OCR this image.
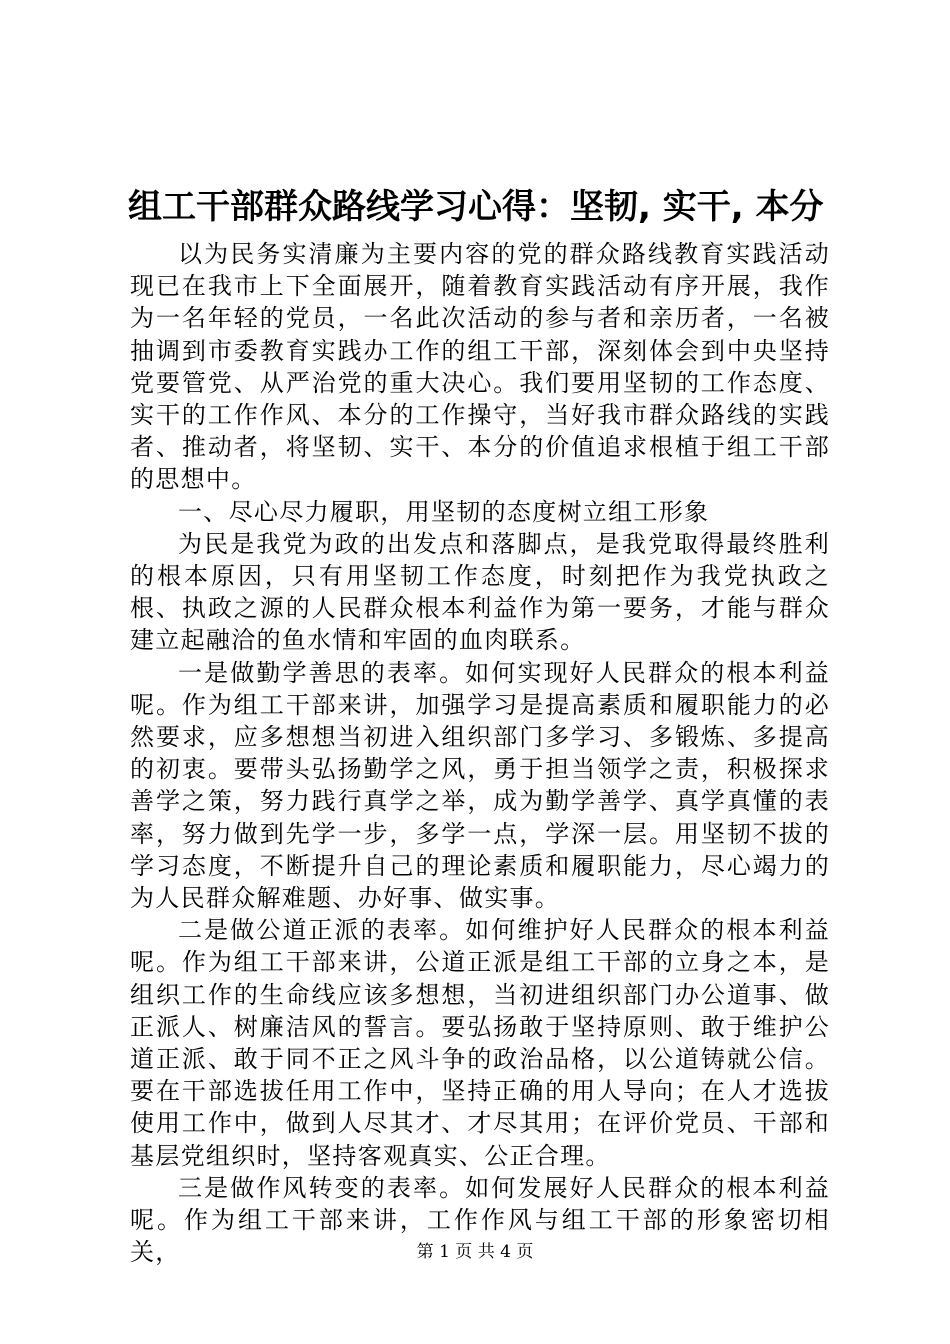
组工干部群众路线学习心得：坚韧, 实干, 本分

以为民务实清廉为主要内容的党的群众路线教育实践活动现已在我市上下全面展开，随着教育实践活动有序开展，我作为一名年轻的党员，一名此次活动的参与者和亲历者，一名被抽调到市委教育实践办工作的组工干部，深刻体会到中央坚持党要管党、从严治党的重大决心。我们要用坚韧的工作态度、实干的工作作风、本分的工作操守，当好我市群众路线的实践者、推动者，将坚韧、实干、本分的价值追求根植于组工干部的思想中。

一、尽心尽力履职，用坚韧的态度树立组工形象

为民是我党为政的出发点和落脚点，是我党取得最终胜利的根本原因，只有用坚韧工作态度，时刻把作为我党执政之根、执政之源的人民群众根本利益作为第一要务，才能与群众建立起融洽的鱼水情和牢固的血肉联系。

一是做勤学善思的表率。如何实现好人民群众的根本利益呢。作为组工干部来讲，加强学习是提高素质和履职能力的必然要求，应多想想当初进入组织部门多学习、多锻炼、多提高的初衷。要带头弘扬勤学之风，勇于担当领学之责，积极探求善学之策，努力践行真学之举，成为勤学善学、真学真懂的表率，努力做到先学一步，多学一点，学深一层。用坚韧不拔的学习态度，不断提升自己的理论素质和履职能力，尽心竭力的为人民群众解难题、办好事、做实事。

二是做公道正派的表率。如何维护好人民群众的根本利益呢。作为组工干部来讲，公道正派是组工干部的立身之本，是组织工作的生命线应该多想想，当初进组织部门办公道事、做正派人、树廉洁风的誓言。要弘扬敢于坚持原则、敢于维护公道正派、敢于同不正之风斗争的政治品格，以公道铸就公信。要在干部选拔任用工作中，坚持正确的用人导向；在人才选拔使用工作中，做到人尽其才、才尽其用；在评价党员、干部和基层党组织时，坚持客观真实、公正合理。

三是做作风转变的表率。如何发展好人民群众的根本利益呢。作为组工干部来讲，工作作风与组工干部的形象密切相关，	第 1 页 共 4 页
